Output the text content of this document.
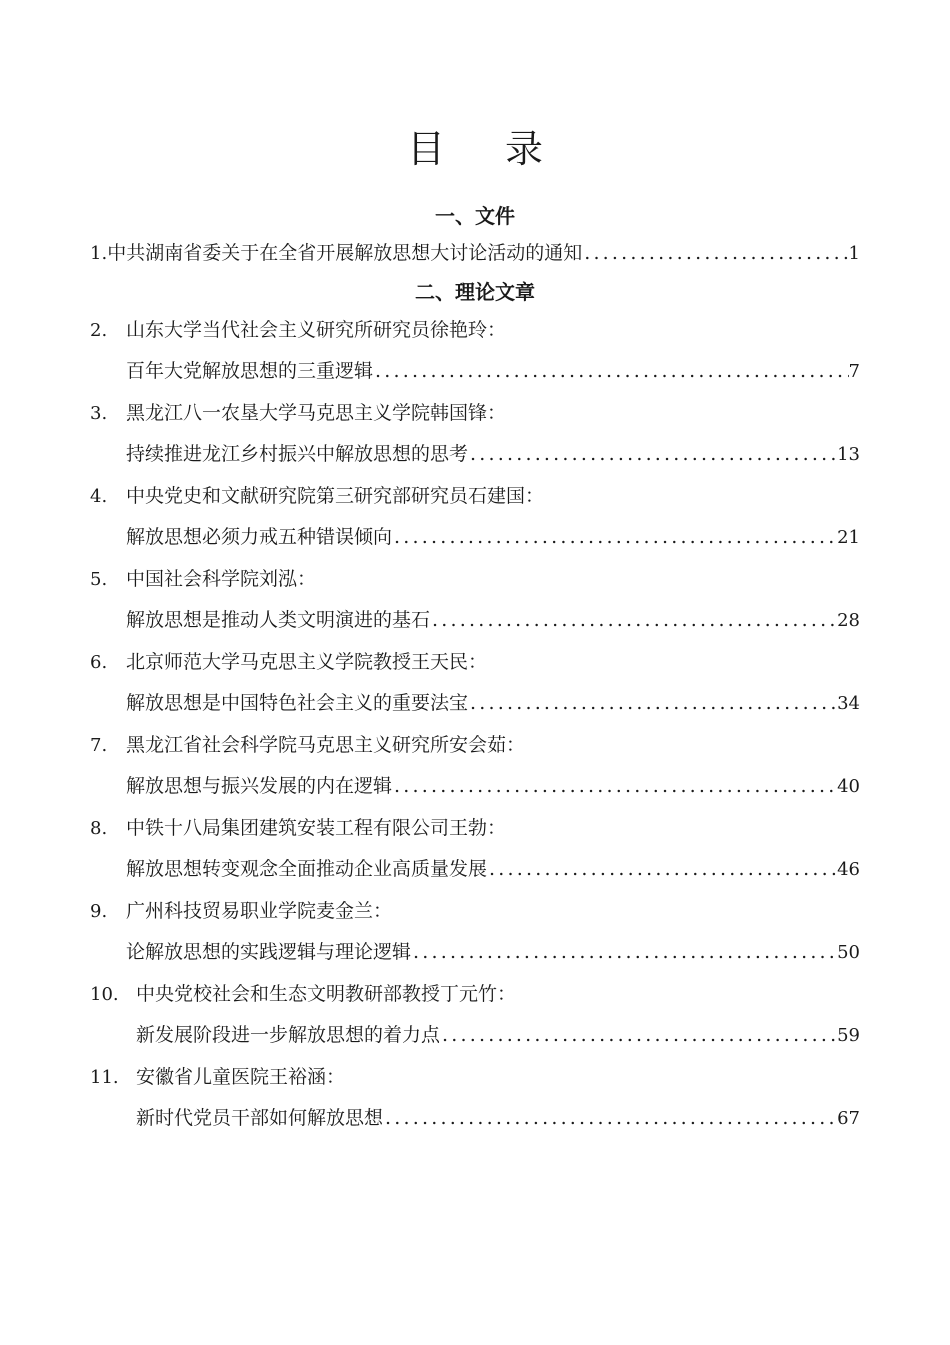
目 录
一、文件
1. 中共湖南省委关于在全省开展解放思想大讨论活动的通知 .....	1
二、理论文章
2. 山东大学当代社会主义研究所研究员徐艳玲：
百年大党解放思想的三重逻辑 .....	7
3. 黑龙江八一农垦大学马克思主义学院韩国锋：
持续推进龙江乡村振兴中解放思想的思考 .....	13
4. 中央党史和文献研究院第三研究部研究员石建国：
解放思想必须力戒五种错误倾向 .....	21
5. 中国社会科学院刘泓：
解放思想是推动人类文明演进的基石 .....	28
6. 北京师范大学马克思主义学院教授王天民：
解放思想是中国特色社会主义的重要法宝 .....	34
7. 黑龙江省社会科学院马克思主义研究所安会茹：
解放思想与振兴发展的内在逻辑 .....	40
8. 中铁十八局集团建筑安装工程有限公司王勃：
解放思想转变观念全面推动企业高质量发展 .....	46
9. 广州科技贸易职业学院麦金兰：
论解放思想的实践逻辑与理论逻辑 .....	50
10. 中央党校社会和生态文明教研部教授丁元竹：
新发展阶段进一步解放思想的着力点 .....	59
11. 安徽省儿童医院王裕涵：
新时代党员干部如何解放思想 .....	67
